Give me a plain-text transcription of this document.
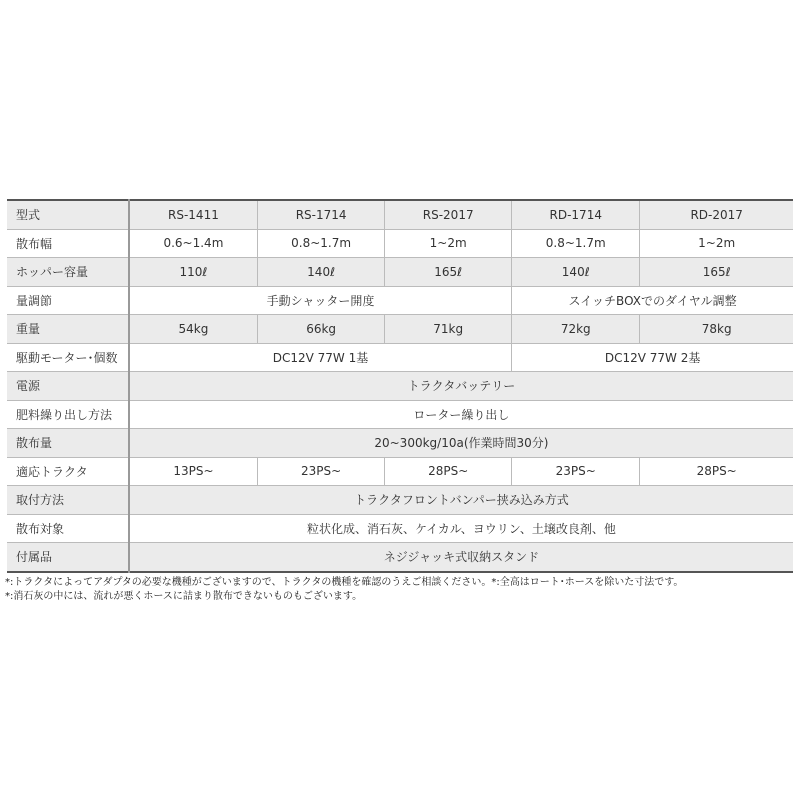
型式	RS-1411	RS-1714	RS-2017	RD-1714	RD-2017
散布幅	0.6~1.4m	0.8~1.7m	1~2m	0.8~1.7m	1~2m
ホッパー容量	110ℓ	140ℓ	165ℓ	140ℓ	165ℓ
量調節	手動シャッター開度			スイッチBOXでのダイヤル調整	
重量	54kg	66kg	71kg	72kg	78kg
駆動モーター･個数	DC12V 77W 1基			DC12V 77W 2基	
電源	トラクタバッテリー				
肥料繰り出し方法	ローター繰り出し				
散布量	20~300kg/10a(作業時間30分)				
適応トラクタ	13PS~	23PS~	28PS~	23PS~	28PS~
取付方法	トラクタフロントバンパー挟み込み方式				
散布対象	粒状化成、消石灰、ケイカル、ヨウリン、土壌改良剤、他				
付属品	ネジジャッキ式収納スタンド				
*:トラクタによってアダプタの必要な機種がございますので、トラクタの機種を確認のうえご相談ください。*:全高はロート･ホースを除いた寸法です。
*:消石灰の中には、流れが悪くホースに詰まり散布できないものもございます。
